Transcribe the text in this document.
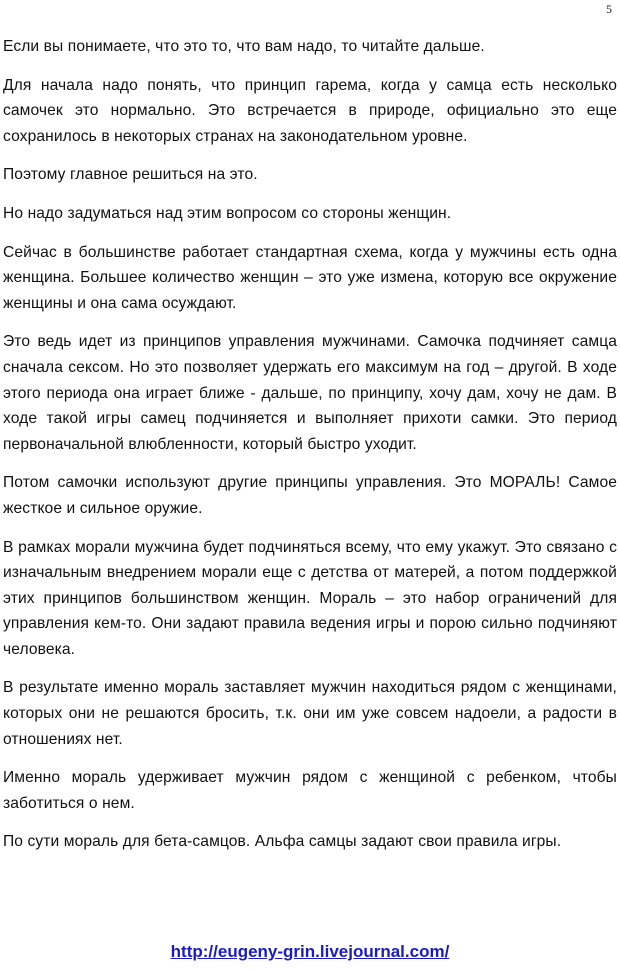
5

Если вы понимаете, что это то, что вам надо, то читайте дальше.

Для начала надо понять, что принцип гарема, когда у самца есть несколько самочек это нормально. Это встречается в природе, официально это еще сохранилось в некоторых странах на законодательном уровне.

Поэтому главное решиться на это.

Но надо задуматься над этим вопросом со стороны женщин.

Сейчас в большинстве работает стандартная схема, когда у мужчины есть одна женщина. Большее количество женщин – это уже измена, которую все окружение женщины и она сама осуждают.

Это ведь идет из принципов управления мужчинами. Самочка подчиняет самца сначала сексом. Но это позволяет удержать его максимум на год – другой. В ходе этого периода она играет ближе - дальше, по принципу, хочу дам, хочу не дам. В ходе такой игры самец подчиняется и выполняет прихоти самки. Это период первоначальной влюбленности, который быстро уходит.

Потом самочки используют другие принципы управления. Это МОРАЛЬ! Самое жесткое и сильное оружие.

В рамках морали мужчина будет подчиняться всему, что ему укажут. Это связано с изначальным внедрением морали еще с детства от матерей, а потом поддержкой этих принципов большинством женщин. Мораль – это набор ограничений для управления кем-то. Они задают правила ведения игры и порою сильно подчиняют человека.

В результате именно мораль заставляет мужчин находиться рядом с женщинами, которых они не решаются бросить, т.к. они им уже совсем надоели, а радости в отношениях нет.

Именно мораль удерживает мужчин рядом с женщиной с ребенком, чтобы заботиться о нем.

По сути мораль для бета-самцов. Альфа самцы задают свои правила игры.

http://eugeny-grin.livejournal.com/
